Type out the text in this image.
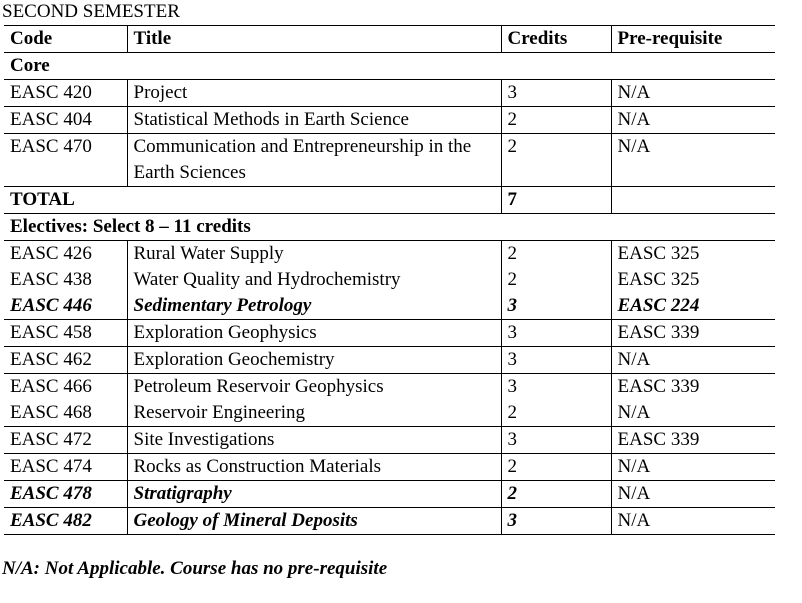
SECOND SEMESTER
Code	Title	Credits	Pre-requisite
Core			
EASC 420	Project	3	N/A
EASC 404	Statistical Methods in Earth Science	2	N/A
EASC 470	Communication and Entrepreneurship in the Earth Sciences	2	N/A
TOTAL		7	
Electives: Select 8 – 11 credits			
EASC 426	Rural Water Supply	2	EASC 325
EASC 438	Water Quality and Hydrochemistry	2	EASC 325
EASC 446	Sedimentary Petrology	3	EASC 224
EASC 458	Exploration Geophysics	3	EASC 339
EASC 462	Exploration Geochemistry	3	N/A
EASC 466	Petroleum Reservoir Geophysics	3	EASC 339
EASC 468	Reservoir Engineering	2	N/A
EASC 472	Site Investigations	3	EASC 339
EASC 474	Rocks as Construction Materials	2	N/A
EASC 478	Stratigraphy	2	N/A
EASC 482	Geology of Mineral Deposits	3	N/A
N/A: Not Applicable. Course has no pre-requisite
